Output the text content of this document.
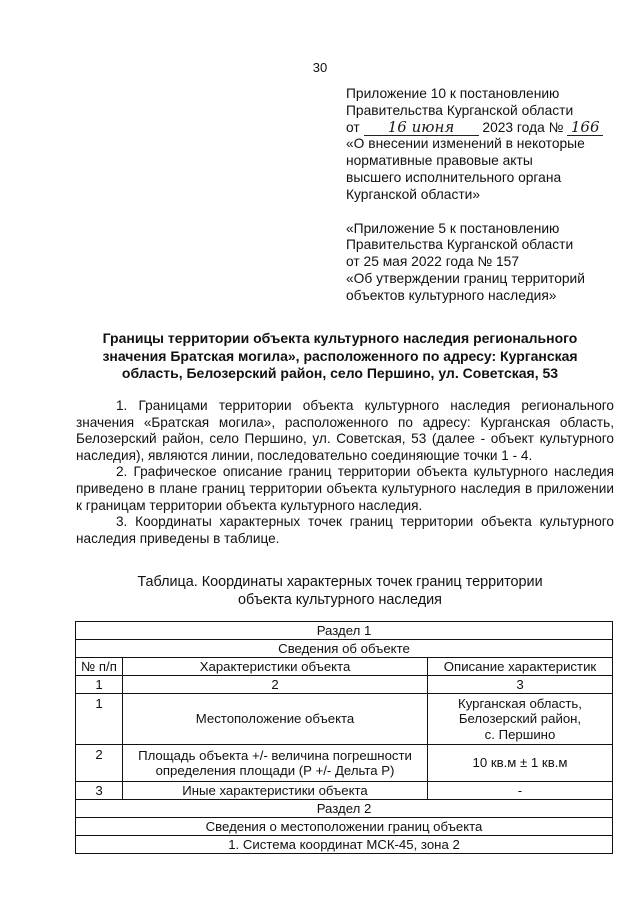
30
Приложение 10 к постановлению
Правительства Курганской области
от 16 июня 2023 года № 166
«О внесении изменений в некоторые
нормативные правовые акты
высшего исполнительного органа
Курганской области»
«Приложение 5 к постановлению
Правительства Курганской области
от 25 мая 2022 года № 157
«Об утверждении границ территорий
объектов культурного наследия»
Границы территории объекта культурного наследия регионального
значения Братская могила», расположенного по адресу: Курганская
область, Белозерский район, село Першино, ул. Советская, 53

1. Границами территории объекта культурного наследия регионального значения «Братская могила», расположенного по адресу: Курганская область, Белозерский район, село Першино, ул. Советская, 53 (далее - объект культурного наследия), являются линии, последовательно соединяющие точки 1 - 4.

2. Графическое описание границ территории объекта культурного наследия приведено в плане границ территории объекта культурного наследия в приложении к границам территории объекта культурного наследия.

3. Координаты характерных точек границ территории объекта культурного наследия приведены в таблице.

Таблица. Координаты характерных точек границ территории
объекта культурного наследия
Раздел 1		
Сведения об объекте		
№ п/п	Характеристики объекта	Описание характеристик
1	2	3
1	Местоположение объекта	Курганская область,
Белозерский район,
с. Першино

2	Площадь объекта +/- величина погрешности
определения площади (Р +/- Дельта Р)	10 кв.м ± 1 кв.м
3	Иные характеристики объекта	-
Раздел 2		
Сведения о местоположении границ объекта		
1. Система координат МСК-45, зона 2		
